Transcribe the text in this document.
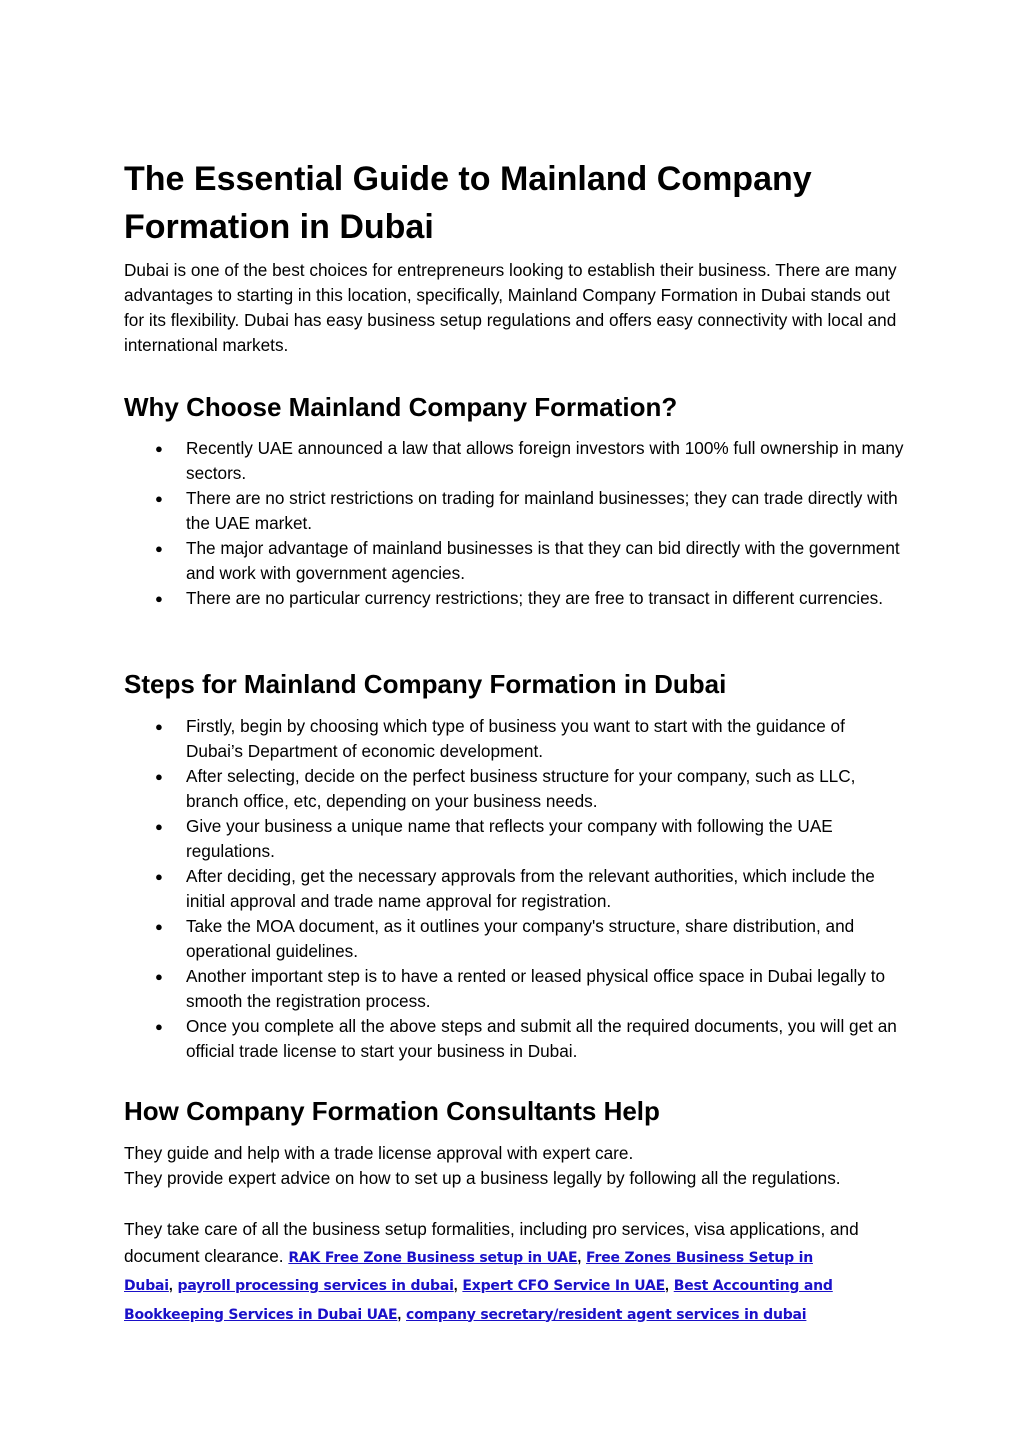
The Essential Guide to Mainland Company Formation in Dubai

Dubai is one of the best choices for entrepreneurs looking to establish their business. There are many advantages to starting in this location, specifically, Mainland Company Formation in Dubai stands out for its flexibility. Dubai has easy business setup regulations and offers easy connectivity with local and international markets.

Why Choose Mainland Company Formation?
● Recently UAE announced a law that allows foreign investors with 100% full ownership in many sectors.
● There are no strict restrictions on trading for mainland businesses; they can trade directly with the UAE market.
● The major advantage of mainland businesses is that they can bid directly with the government and work with government agencies.
● There are no particular currency restrictions; they are free to transact in different currencies.
Steps for Mainland Company Formation in Dubai
● Firstly, begin by choosing which type of business you want to start with the guidance of Dubai’s Department of economic development.
● After selecting, decide on the perfect business structure for your company, such as LLC, branch office, etc, depending on your business needs.
● Give your business a unique name that reflects your company with following the UAE regulations.
● After deciding, get the necessary approvals from the relevant authorities, which include the initial approval and trade name approval for registration.
● Take the MOA document, as it outlines your company's structure, share distribution, and operational guidelines.
● Another important step is to have a rented or leased physical office space in Dubai legally to smooth the registration process.
● Once you complete all the above steps and submit all the required documents, you will get an official trade license to start your business in Dubai.
How Company Formation Consultants Help

They guide and help with a trade license approval with expert care.

They provide expert advice on how to set up a business legally by following all the regulations.

They take care of all the business setup formalities, including pro services, visa applications, and document clearance. RAK Free Zone Business setup in UAE, Free Zones Business Setup in Dubai, payroll processing services in dubai, Expert CFO Service In UAE, Best Accounting and Bookkeeping Services in Dubai UAE, company secretary/resident agent services in dubai
